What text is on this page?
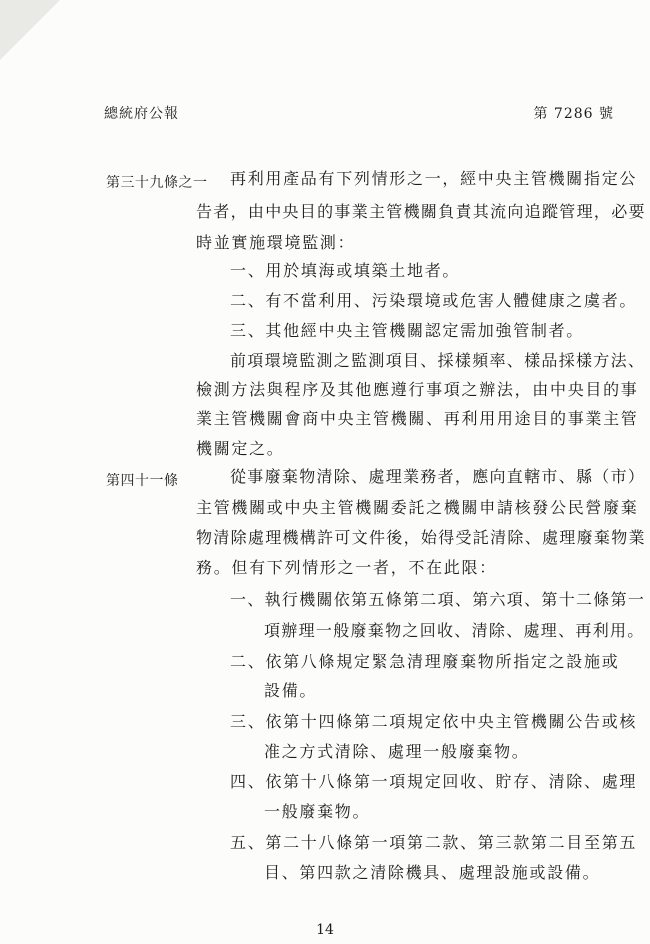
總統府公報	第 7286 號
第三十九條之一 再利用產品有下列情形之一，經中央主管機關指定公
告者，由中央目的事業主管機關負責其流向追蹤管理，必要
時並實施環境監測：
一、用於填海或填築土地者。
二、有不當利用、污染環境或危害人體健康之虞者。
三、其他經中央主管機關認定需加強管制者。
前項環境監測之監測項目、採樣頻率、樣品採樣方法、
檢測方法與程序及其他應遵行事項之辦法，由中央目的事
業主管機關會商中央主管機關、再利用用途目的事業主管
機關定之。
第四十一條	從事廢棄物清除、處理業務者，應向直轄市、縣（市）
主管機關或中央主管機關委託之機關申請核發公民營廢棄
物清除處理機構許可文件後，始得受託清除、處理廢棄物業
務。但有下列情形之一者，不在此限：
一、執行機關依第五條第二項、第六項、第十二條第一
項辦理一般廢棄物之回收、清除、處理、再利用。
二、依第八條規定緊急清理廢棄物所指定之設施或
設備。
三、依第十四條第二項規定依中央主管機關公告或核
准之方式清除、處理一般廢棄物。
四、依第十八條第一項規定回收、貯存、清除、處理
一般廢棄物。
五、第二十八條第一項第二款、第三款第二目至第五
目、第四款之清除機具、處理設施或設備。
14
